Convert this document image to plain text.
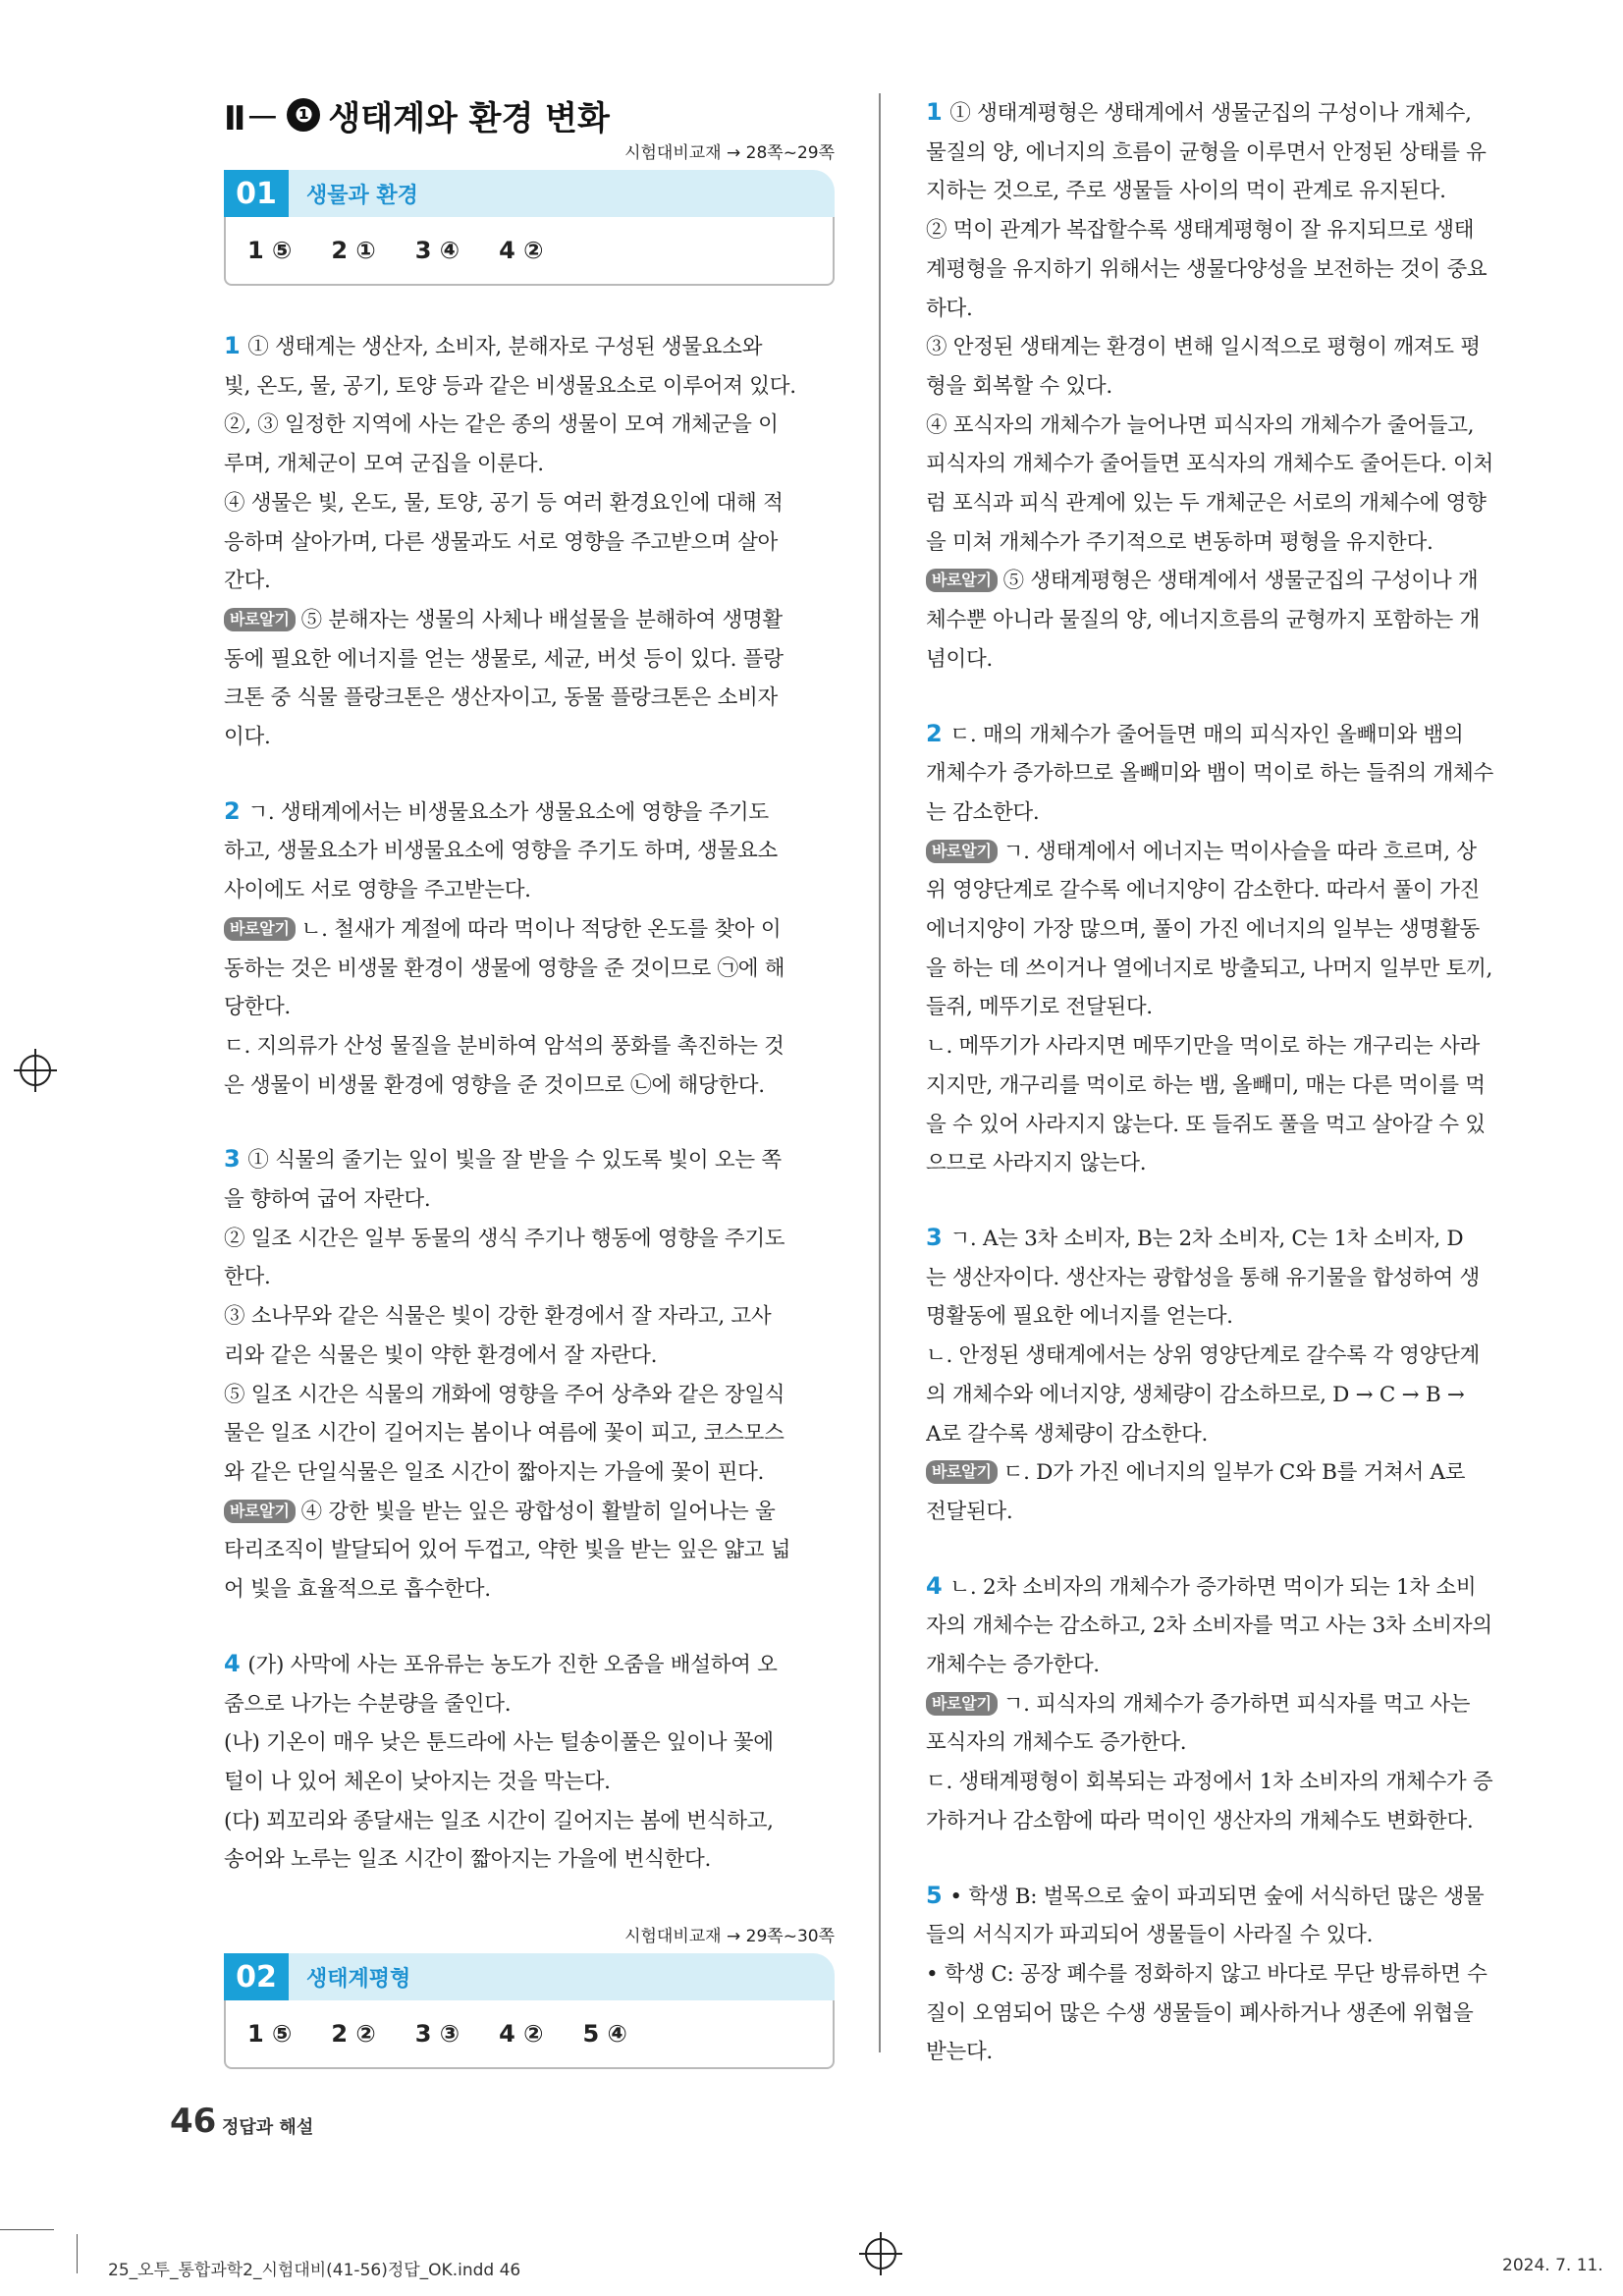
Ⅱ－ ❶ 생태계와 환경 변화
시험대비교재 → 28쪽~29쪽
01	생물과 환경
1 ⑤ 2 ① 3 ④ 4 ②
1 ① 생태계는 생산자, 소비자, 분해자로 구성된 생물요소와
빛, 온도, 물, 공기, 토양 등과 같은 비생물요소로 이루어져 있다.
②, ③ 일정한 지역에 사는 같은 종의 생물이 모여 개체군을 이
루며, 개체군이 모여 군집을 이룬다.
④ 생물은 빛, 온도, 물, 토양, 공기 등 여러 환경요인에 대해 적
응하며 살아가며, 다른 생물과도 서로 영향을 주고받으며 살아
간다.
바로알기 ⑤ 분해자는 생물의 사체나 배설물을 분해하여 생명활
동에 필요한 에너지를 얻는 생물로, 세균, 버섯 등이 있다. 플랑
크톤 중 식물 플랑크톤은 생산자이고, 동물 플랑크톤은 소비자
이다.
2 ㄱ. 생태계에서는 비생물요소가 생물요소에 영향을 주기도
하고, 생물요소가 비생물요소에 영향을 주기도 하며, 생물요소
사이에도 서로 영향을 주고받는다.
바로알기 ㄴ. 철새가 계절에 따라 먹이나 적당한 온도를 찾아 이
동하는 것은 비생물 환경이 생물에 영향을 준 것이므로 ㉠에 해
당한다.
ㄷ. 지의류가 산성 물질을 분비하여 암석의 풍화를 촉진하는 것
은 생물이 비생물 환경에 영향을 준 것이므로 ㉡에 해당한다.
3 ① 식물의 줄기는 잎이 빛을 잘 받을 수 있도록 빛이 오는 쪽
을 향하여 굽어 자란다.
② 일조 시간은 일부 동물의 생식 주기나 행동에 영향을 주기도
한다.
③ 소나무와 같은 식물은 빛이 강한 환경에서 잘 자라고, 고사
리와 같은 식물은 빛이 약한 환경에서 잘 자란다.
⑤ 일조 시간은 식물의 개화에 영향을 주어 상추와 같은 장일식
물은 일조 시간이 길어지는 봄이나 여름에 꽃이 피고, 코스모스
와 같은 단일식물은 일조 시간이 짧아지는 가을에 꽃이 핀다.
바로알기 ④ 강한 빛을 받는 잎은 광합성이 활발히 일어나는 울
타리조직이 발달되어 있어 두껍고, 약한 빛을 받는 잎은 얇고 넓
어 빛을 효율적으로 흡수한다.
4 (가) 사막에 사는 포유류는 농도가 진한 오줌을 배설하여 오
줌으로 나가는 수분량을 줄인다.
(나) 기온이 매우 낮은 툰드라에 사는 털송이풀은 잎이나 꽃에
털이 나 있어 체온이 낮아지는 것을 막는다.
(다) 꾀꼬리와 종달새는 일조 시간이 길어지는 봄에 번식하고,
송어와 노루는 일조 시간이 짧아지는 가을에 번식한다.
시험대비교재 → 29쪽~30쪽
02	생태계평형
1 ⑤ 2 ② 3 ③ 4 ② 5 ④
1 ① 생태계평형은 생태계에서 생물군집의 구성이나 개체수,
물질의 양, 에너지의 흐름이 균형을 이루면서 안정된 상태를 유
지하는 것으로, 주로 생물들 사이의 먹이 관계로 유지된다.
② 먹이 관계가 복잡할수록 생태계평형이 잘 유지되므로 생태
계평형을 유지하기 위해서는 생물다양성을 보전하는 것이 중요
하다.
③ 안정된 생태계는 환경이 변해 일시적으로 평형이 깨져도 평
형을 회복할 수 있다.
④ 포식자의 개체수가 늘어나면 피식자의 개체수가 줄어들고,
피식자의 개체수가 줄어들면 포식자의 개체수도 줄어든다. 이처
럼 포식과 피식 관계에 있는 두 개체군은 서로의 개체수에 영향
을 미쳐 개체수가 주기적으로 변동하며 평형을 유지한다.
바로알기 ⑤ 생태계평형은 생태계에서 생물군집의 구성이나 개
체수뿐 아니라 물질의 양, 에너지흐름의 균형까지 포함하는 개
념이다.
2 ㄷ. 매의 개체수가 줄어들면 매의 피식자인 올빼미와 뱀의
개체수가 증가하므로 올빼미와 뱀이 먹이로 하는 들쥐의 개체수
는 감소한다.
바로알기 ㄱ. 생태계에서 에너지는 먹이사슬을 따라 흐르며, 상
위 영양단계로 갈수록 에너지양이 감소한다. 따라서 풀이 가진
에너지양이 가장 많으며, 풀이 가진 에너지의 일부는 생명활동
을 하는 데 쓰이거나 열에너지로 방출되고, 나머지 일부만 토끼,
들쥐, 메뚜기로 전달된다.
ㄴ. 메뚜기가 사라지면 메뚜기만을 먹이로 하는 개구리는 사라
지지만, 개구리를 먹이로 하는 뱀, 올빼미, 매는 다른 먹이를 먹
을 수 있어 사라지지 않는다. 또 들쥐도 풀을 먹고 살아갈 수 있
으므로 사라지지 않는다.
3 ㄱ. A는 3차 소비자, B는 2차 소비자, C는 1차 소비자, D
는 생산자이다. 생산자는 광합성을 통해 유기물을 합성하여 생
명활동에 필요한 에너지를 얻는다.
ㄴ. 안정된 생태계에서는 상위 영양단계로 갈수록 각 영양단계
의 개체수와 에너지양, 생체량이 감소하므로, D → C → B →
A로 갈수록 생체량이 감소한다.
바로알기 ㄷ. D가 가진 에너지의 일부가 C와 B를 거쳐서 A로
전달된다.
4 ㄴ. 2차 소비자의 개체수가 증가하면 먹이가 되는 1차 소비
자의 개체수는 감소하고, 2차 소비자를 먹고 사는 3차 소비자의
개체수는 증가한다.
바로알기 ㄱ. 피식자의 개체수가 증가하면 피식자를 먹고 사는
포식자의 개체수도 증가한다.
ㄷ. 생태계평형이 회복되는 과정에서 1차 소비자의 개체수가 증
가하거나 감소함에 따라 먹이인 생산자의 개체수도 변화한다.
5 • 학생 B: 벌목으로 숲이 파괴되면 숲에 서식하던 많은 생물
들의 서식지가 파괴되어 생물들이 사라질 수 있다.
• 학생 C: 공장 폐수를 정화하지 않고 바다로 무단 방류하면 수
질이 오염되어 많은 수생 생물들이 폐사하거나 생존에 위협을
받는다.
46 정답과 해설
25_오투_통합과학2_시험대비(41-56)정답_OK.indd 46	2024. 7. 11.
